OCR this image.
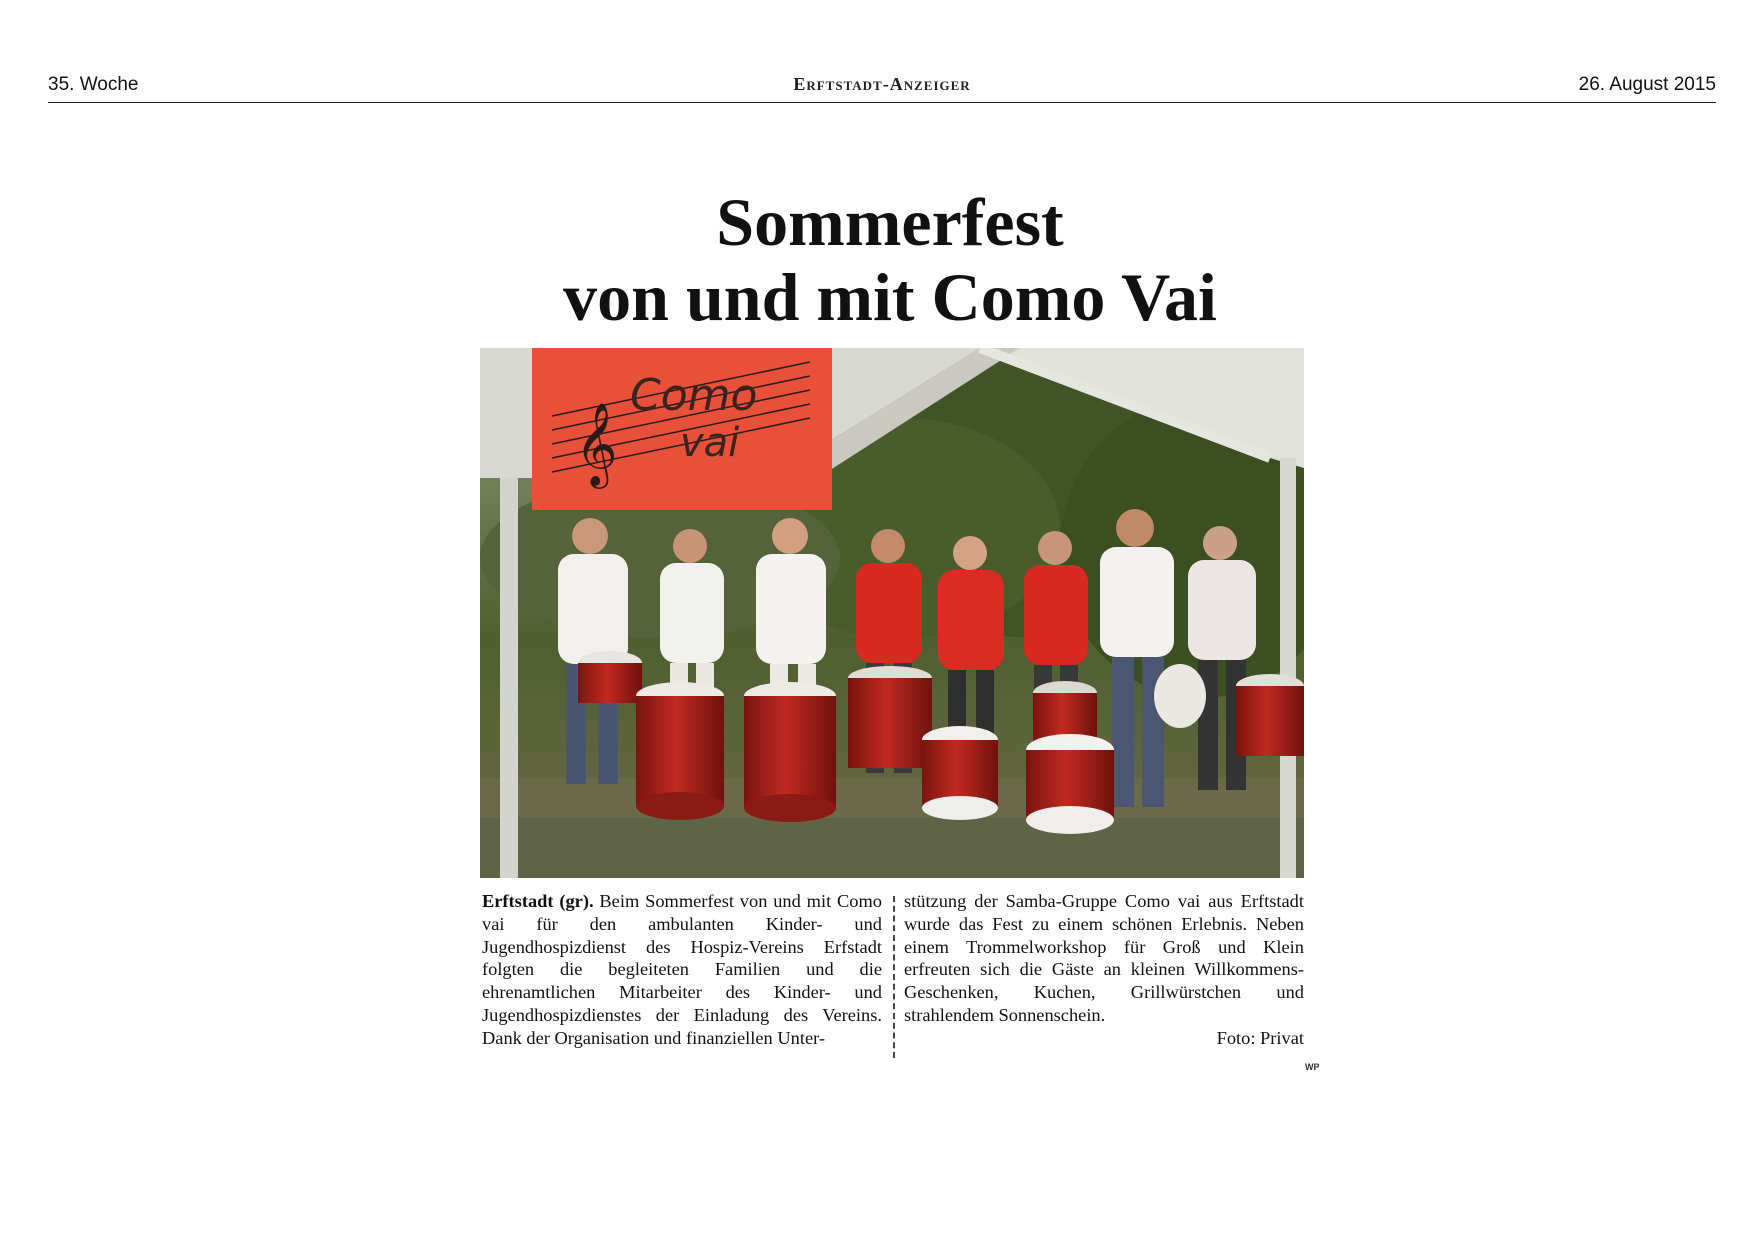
35. Woche	Erftstadt-Anzeiger	26. August 2015
Sommerfest
von und mit Como Vai
𝄞
Como
vai

Erftstadt (gr). Beim Sommerfest von und mit Como vai für den ambulanten Kinder- und Jugendhospizdienst des Hospiz-Vereins Erfstadt folgten die begleiteten Familien und die ehrenamtlichen Mitarbeiter des Kinder- und Jugendhospizdienstes der Einladung des Vereins. Dank der Organisation und finanziellen Unter-

stützung der Samba-Gruppe Como vai aus Erftstadt wurde das Fest zu einem schönen Erlebnis. Neben einem Trommelworkshop für Groß und Klein erfreuten sich die Gäste an kleinen Willkommens-Geschenken, Kuchen, Grillwürstchen und strahlendem Sonnenschein.

Foto: Privat
WP
